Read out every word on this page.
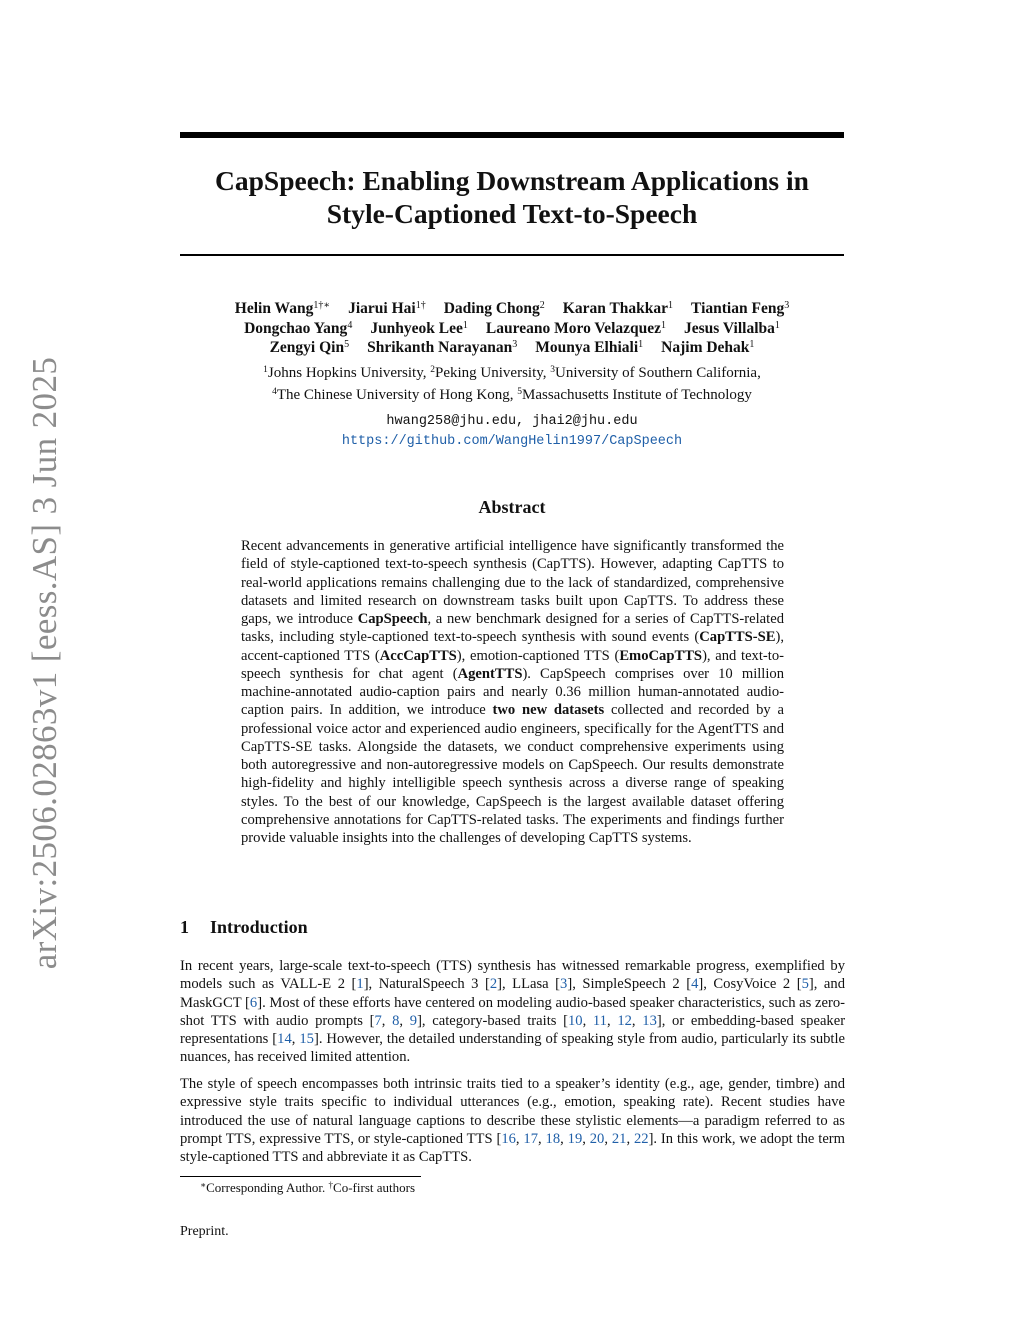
arXiv:2506.02863v1 [eess.AS] 3 Jun 2025
CapSpeech: Enabling Downstream Applications in
Style-Captioned Text-to-Speech
Helin Wang$^{1\dagger∗}$ Jiarui Hai$^{1\dagger}$ Dading Chong$^2$ Karan Thakkar$^1$ Tiantian Feng$^3$
Dongchao Yang$^4$ Junhyeok Lee$^1$ Laureano Moro Velazquez$^1$ Jesus Villalba$^1$
Zengyi Qin$^5$ Shrikanth Narayanan$^3$ Mounya Elhiali$^1$ Najim Dehak$^1$
$^1$Johns Hopkins University, $^2$Peking University, $^3$University of Southern California,
$^4$The Chinese University of Hong Kong, $^5$Massachusetts Institute of Technology
hwang258@jhu.edu, jhai2@jhu.edu
https://github.com/WangHelin1997/CapSpeech
Abstract

Recent advancements in generative artificial intelligence have significantly transformed the field of style-captioned text-to-speech synthesis (CapTTS). However, adapting CapTTS to real-world applications remains challenging due to the lack of standardized, comprehensive datasets and limited research on downstream tasks built upon CapTTS. To address these gaps, we introduce CapSpeech, a new benchmark designed for a series of CapTTS-related tasks, including style-captioned text-to-speech synthesis with sound events (CapTTS-SE), accent-captioned TTS (AccCapTTS), emotion-captioned TTS (EmoCapTTS), and text-to-speech synthesis for chat agent (AgentTTS). CapSpeech comprises over 10 million machine-annotated audio-caption pairs and nearly 0.36 million human-annotated audio-caption pairs. In addition, we introduce two new datasets collected and recorded by a professional voice actor and experienced audio engineers, specifically for the AgentTTS and CapTTS-SE tasks. Alongside the datasets, we conduct comprehensive experiments using both autoregressive and non-autoregressive models on CapSpeech. Our results demonstrate high-fidelity and highly intelligible speech synthesis across a diverse range of speaking styles. To the best of our knowledge, CapSpeech is the largest available dataset offering comprehensive annotations for CapTTS-related tasks. The experiments and findings further provide valuable insights into the challenges of developing CapTTS systems.

1 Introduction

In recent years, large-scale text-to-speech (TTS) synthesis has witnessed remarkable progress, exemplified by models such as VALL-E 2 [1], NaturalSpeech 3 [2], LLasa [3], SimpleSpeech 2 [4], CosyVoice 2 [5], and MaskGCT [6]. Most of these efforts have centered on modeling audio-based speaker characteristics, such as zero-shot TTS with audio prompts [7, 8, 9], category-based traits [10, 11, 12, 13], or embedding-based speaker representations [14, 15]. However, the detailed understanding of speaking style from audio, particularly its subtle nuances, has received limited attention.

The style of speech encompasses both intrinsic traits tied to a speaker’s identity (e.g., age, gender, timbre) and expressive style traits specific to individual utterances (e.g., emotion, speaking rate). Recent studies have introduced the use of natural language captions to describe these stylistic elements—a paradigm referred to as prompt TTS, expressive TTS, or style-captioned TTS [16, 17, 18, 19, 20, 21, 22]. In this work, we adopt the term style-captioned TTS and abbreviate it as CapTTS.

∗Corresponding Author. †Co-first authors
Preprint.
